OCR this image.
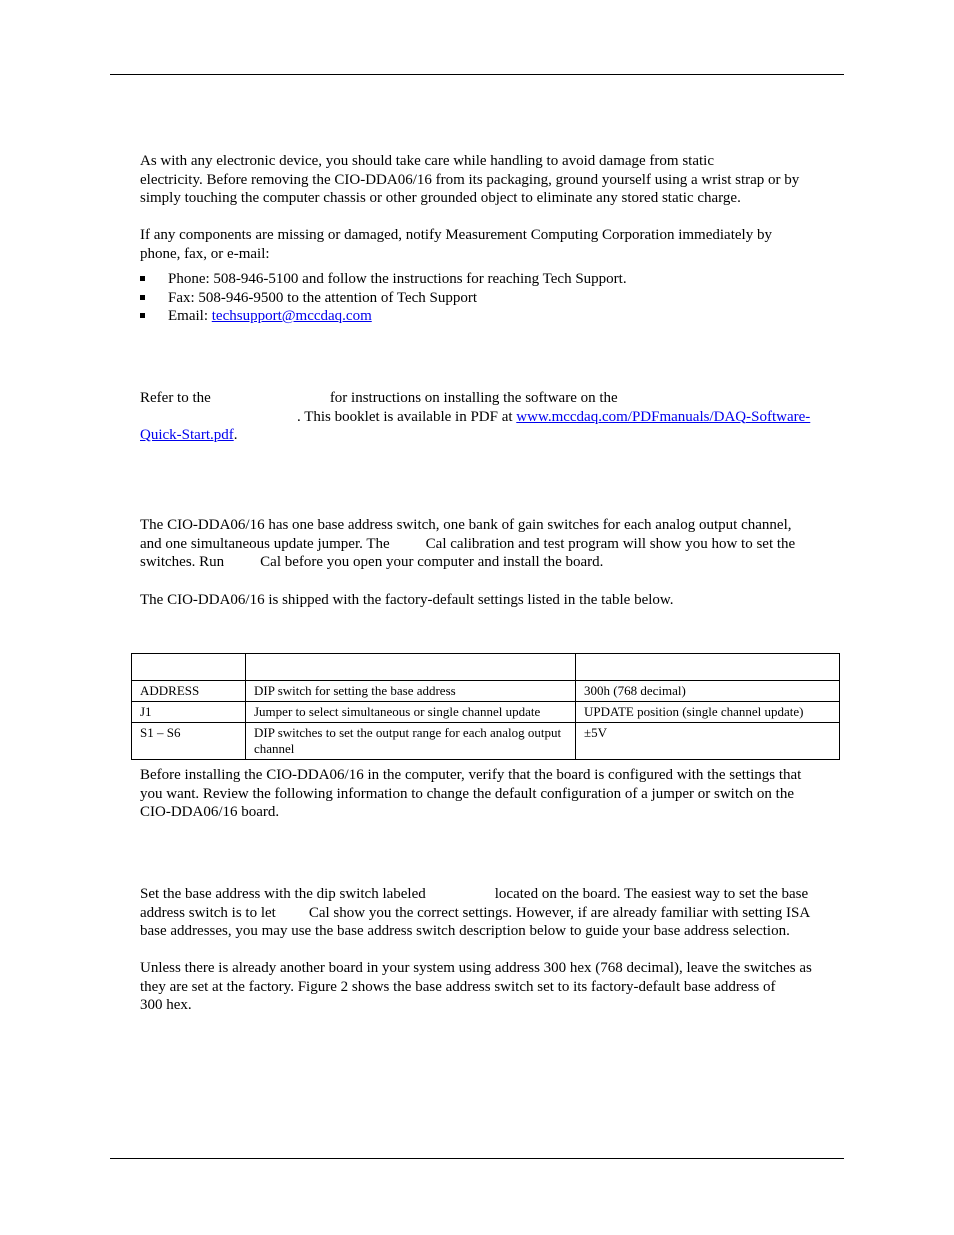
As with any electronic device, you should take care while handling to avoid damage from static
electricity. Before removing the CIO-DDA06/16 from its packaging, ground yourself using a wrist strap or by
simply touching the computer chassis or other grounded object to eliminate any stored static charge.

If any components are missing or damaged, notify Measurement Computing Corporation immediately by
phone, fax, or e-mail:

Phone: 508-946-5100 and follow the instructions for reaching Tech Support.
Fax: 508-946-9500 to the attention of Tech Support
Email: techsupport@mccdaq.com

Refer to the	for instructions on installing the software on the
. This booklet is available in PDF at www.mccdaq.com/PDFmanuals/DAQ-Software-
Quick-Start.pdf.

The CIO-DDA06/16 has one base address switch, one bank of gain switches for each analog output channel,
and one simultaneous update jumper. The Cal calibration and test program will show you how to set the
switches. Run Cal before you open your computer and install the board.

The CIO-DDA06/16 is shipped with the factory-default settings listed in the table below.

ADDRESS	DIP switch for setting the base address	300h (768 decimal)
J1	Jumper to select simultaneous or single channel update	UPDATE position (single channel update)
S1 – S6	DIP switches to set the output range for each analog output channel	±5V

Before installing the CIO-DDA06/16 in the computer, verify that the board is configured with the settings that
you want. Review the following information to change the default configuration of a jumper or switch on the
CIO-DDA06/16 board.

Set the base address with the dip switch labeled	located on the board. The easiest way to set the base
address switch is to let Cal show you the correct settings. However, if are already familiar with setting ISA
base addresses, you may use the base address switch description below to guide your base address selection.

Unless there is already another board in your system using address 300 hex (768 decimal), leave the switches as
they are set at the factory. Figure 2 shows the base address switch set to its factory-default base address of
300 hex.
